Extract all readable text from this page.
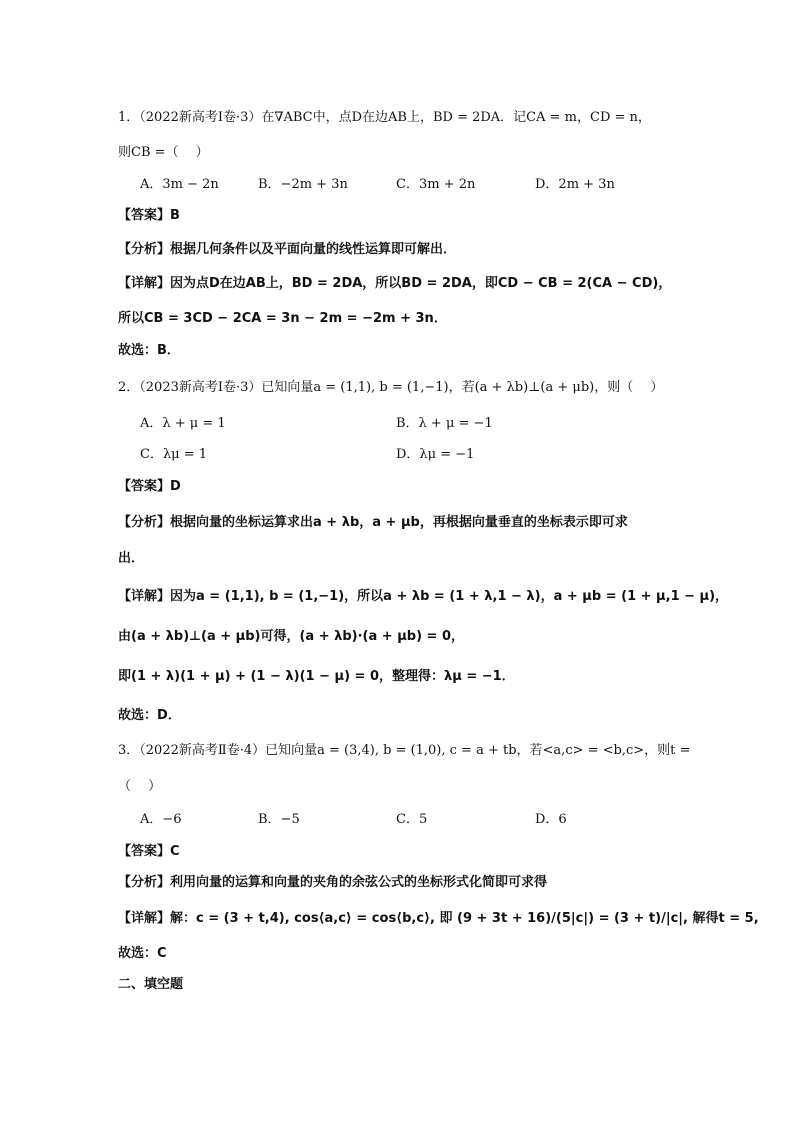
1．（2022新高考Ⅰ卷·3）在∇ABC中，点D在边AB上，BD = 2DA．记CA = m，CD = n，
则CB =（　 ）
A．3m − 2n	B．−2m + 3n	C．3m + 2n	D．2m + 3n
【答案】B
【分析】根据几何条件以及平面向量的线性运算即可解出．
【详解】因为点D在边AB上，BD = 2DA，所以BD = 2DA，即CD − CB = 2(CA − CD)，
所以CB = 3CD − 2CA = 3n − 2m = −2m + 3n．
故选：B．
2．（2023新高考Ⅰ卷·3）已知向量a = (1,1), b = (1,−1)，若(a + λb)⊥(a + μb)，则（　 ）
A．λ + μ = 1	B．λ + μ = −1
C．λμ = 1	D．λμ = −1
【答案】D
【分析】根据向量的坐标运算求出a + λb，a + μb，再根据向量垂直的坐标表示即可求
出．
【详解】因为a = (1,1), b = (1,−1)，所以a + λb = (1 + λ,1 − λ)，a + μb = (1 + μ,1 − μ)，
由(a + λb)⊥(a + μb)可得，(a + λb)·(a + μb) = 0，
即(1 + λ)(1 + μ) + (1 − λ)(1 − μ) = 0，整理得：λμ = −1．
故选：D．
3．（2022新高考Ⅱ卷·4）已知向量a = (3,4), b = (1,0), c = a + tb，若<a,c> = <b,c>，则t =
（　 ）
A．−6	B．−5	C．5	D．6
【答案】C
【分析】利用向量的运算和向量的夹角的余弦公式的坐标形式化简即可求得
【详解】解：c = (3 + t,4), cos⟨a,c⟩ = cos⟨b,c⟩, 即 (9 + 3t + 16)/(5|c|) = (3 + t)/|c|, 解得t = 5,
故选：C
二、填空题
